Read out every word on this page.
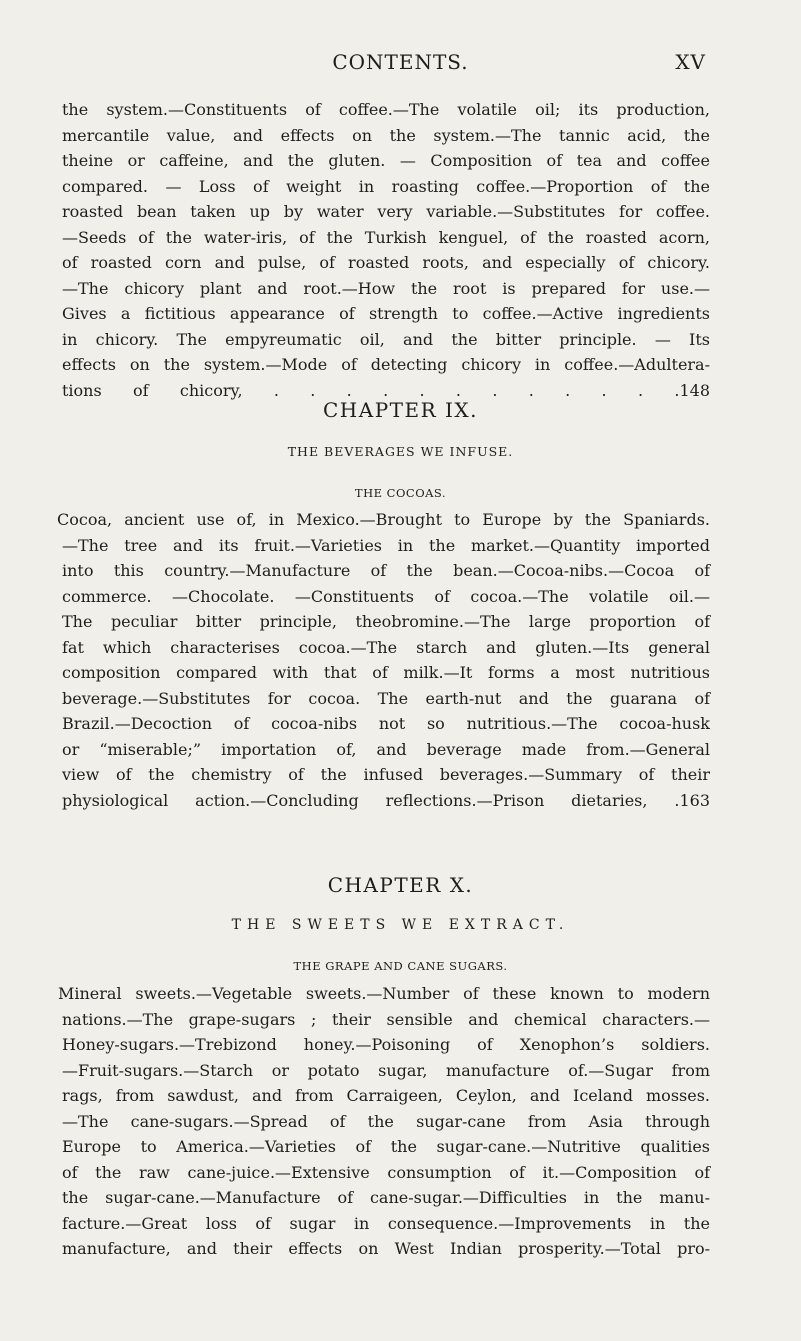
CONTENTS.	XV
the system.—Constituents of coffee.—The volatile oil; its production,
mercantile value, and effects on the system.—The tannic acid, the
theine or caffeine, and the gluten. — Composition of tea and coffee
compared. — Loss of weight in roasting coffee.—Proportion of the
roasted bean taken up by water very variable.—Substitutes for coffee.
—Seeds of the water-iris, of the Turkish kenguel, of the roasted acorn,
of roasted corn and pulse, of roasted roots, and especially of chicory.
—The chicory plant and root.—How the root is prepared for use.—
Gives a fictitious appearance of strength to coffee.—Active ingredients
in chicory. The empyreumatic oil, and the bitter principle. — Its
effects on the system.—Mode of detecting chicory in coffee.—Adultera-
tions of chicory, . . . . . . . . . . . .148
CHAPTER IX.
THE BEVERAGES WE INFUSE.
THE COCOAS.
Cocoa, ancient use of, in Mexico.—Brought to Europe by the Spaniards.
—The tree and its fruit.—Varieties in the market.—Quantity imported
into this country.—Manufacture of the bean.—Cocoa-nibs.—Cocoa of
commerce. —Chocolate. —Constituents of cocoa.—The volatile oil.—
The peculiar bitter principle, theobromine.—The large proportion of
fat which characterises cocoa.—The starch and gluten.—Its general
composition compared with that of milk.—It forms a most nutritious
beverage.—Substitutes for cocoa. The earth-nut and the guarana of
Brazil.—Decoction of cocoa-nibs not so nutritious.—The cocoa-husk
or “miserable;” importation of, and beverage made from.—General
view of the chemistry of the infused beverages.—Summary of their
physiological action.—Concluding reflections.—Prison dietaries, .163
CHAPTER X.
THE SWEETS WE EXTRACT.
THE GRAPE AND CANE SUGARS.
Mineral sweets.—Vegetable sweets.—Number of these known to modern
nations.—The grape-sugars ; their sensible and chemical characters.—
Honey-sugars.—Trebizond honey.—Poisoning of Xenophon’s soldiers.
—Fruit-sugars.—Starch or potato sugar, manufacture of.—Sugar from
rags, from sawdust, and from Carraigeen, Ceylon, and Iceland mosses.
—The cane-sugars.—Spread of the sugar-cane from Asia through
Europe to America.—Varieties of the sugar-cane.—Nutritive qualities
of the raw cane-juice.—Extensive consumption of it.—Composition of
the sugar-cane.—Manufacture of cane-sugar.—Difficulties in the manu-
facture.—Great loss of sugar in consequence.—Improvements in the
manufacture, and their effects on West Indian prosperity.—Total pro-
